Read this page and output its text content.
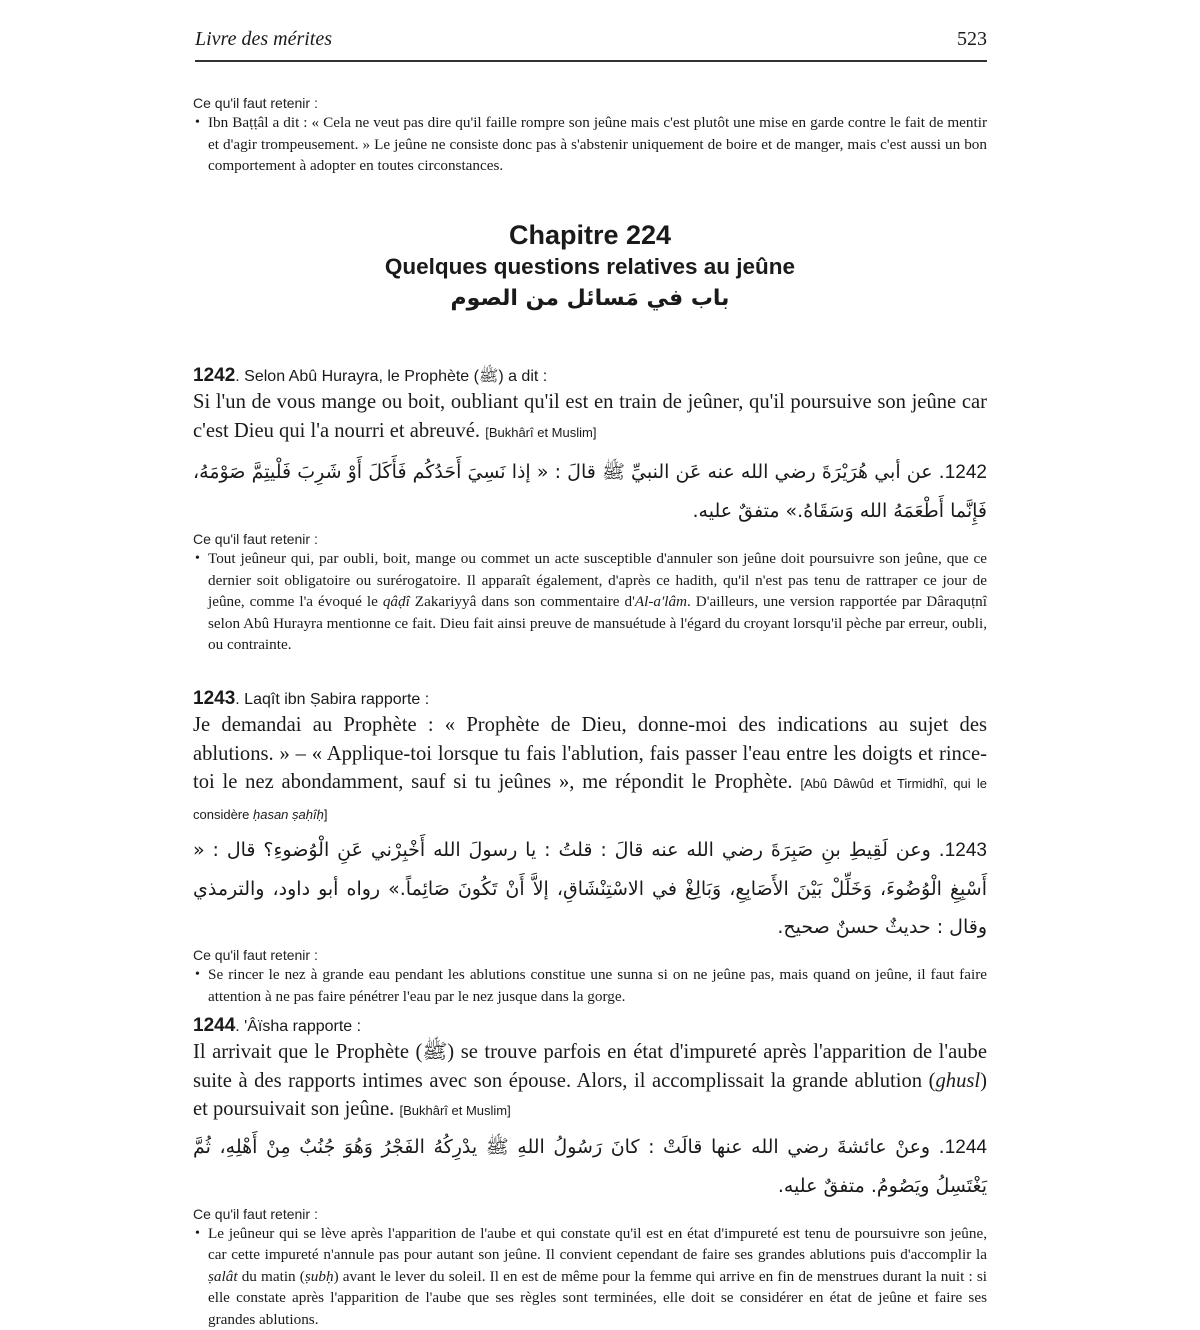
Livre des mérites	523
Ce qu'il faut retenir :
• Ibn Baṭṭâl a dit : « Cela ne veut pas dire qu'il faille rompre son jeûne mais c'est plutôt une mise en garde contre le fait de mentir et d'agir trompeusement. » Le jeûne ne consiste donc pas à s'abstenir uniquement de boire et de manger, mais c'est aussi un bon comportement à adopter en toutes circonstances.
Chapitre 224
Quelques questions relatives au jeûne
باب في مَسائل من الصوم
1242. Selon Abû Hurayra, le Prophète (ﷺ) a dit :
Si l'un de vous mange ou boit, oubliant qu'il est en train de jeûner, qu'il poursuive son jeûne car c'est Dieu qui l'a nourri et abreuvé. [Bukhârî et Muslim]
1242. عن أبي هُرَيْرَةَ رضي الله عنه عَن النبيِّ ﷺ قالَ : « إذا نَسِيَ أَحَدُكُم فَأَكَلَ أَوْ شَرِبَ فَلْيتِمَّ صَوْمَهُ، فَإِنَّما أَطْعَمَهُ الله وَسَقَاهُ.» متفقٌ عليه.
Ce qu'il faut retenir :
• Tout jeûneur qui, par oubli, boit, mange ou commet un acte susceptible d'annuler son jeûne doit poursuivre son jeûne, que ce dernier soit obligatoire ou surérogatoire. Il apparaît également, d'après ce hadith, qu'il n'est pas tenu de rattraper ce jour de jeûne, comme l'a évoqué le qâḍî Zakariyyâ dans son commentaire d'Al-a'lâm. D'ailleurs, une version rapportée par Dâraquṭnî selon Abû Hurayra mentionne ce fait. Dieu fait ainsi preuve de mansuétude à l'égard du croyant lorsqu'il pèche par erreur, oubli, ou contrainte.
1243. Laqît ibn Ṣabira rapporte :
Je demandai au Prophète : « Prophète de Dieu, donne-moi des indications au sujet des ablutions. » – « Applique-toi lorsque tu fais l'ablution, fais passer l'eau entre les doigts et rince-toi le nez abondamment, sauf si tu jeûnes », me répondit le Prophète. [Abû Dâwûd et Tirmidhî, qui le considère ḥasan ṣaḥîḥ]
1243. وعن لَقِيطِ بنِ صَبِرَةَ رضي الله عنه قالَ : قلتُ : يا رسولَ الله أَخْبِرْني عَنِ الْوُضوءِ؟ قال : « أَسْبِغِ الْوُضُوءَ، وَخَلِّلْ بَيْنَ الأَصَابِعِ، وَبَالِغْ في الاسْتِنْشَاقِ، إلاَّ أَنْ تَكُونَ صَائِماً.» رواه أبو داود، والترمذي وقال : حديثٌ حسنٌ صحيح.
Ce qu'il faut retenir :
• Se rincer le nez à grande eau pendant les ablutions constitue une sunna si on ne jeûne pas, mais quand on jeûne, il faut faire attention à ne pas faire pénétrer l'eau par le nez jusque dans la gorge.
1244. 'Âïsha rapporte :
Il arrivait que le Prophète (ﷺ) se trouve parfois en état d'impureté après l'apparition de l'aube suite à des rapports intimes avec son épouse. Alors, il accomplissait la grande ablution (ghusl) et poursuivait son jeûne. [Bukhârî et Muslim]
1244. وعنْ عائشةَ رضي الله عنها قالَتْ : كانَ رَسُولُ اللهِ ﷺ يدْرِكُهُ الفَجْرُ وَهُوَ جُنُبٌ مِنْ أَهْلِهِ، ثُمَّ يَغْتَسِلُ ويَصُومُ. متفقٌ عليه.
Ce qu'il faut retenir :
• Le jeûneur qui se lève après l'apparition de l'aube et qui constate qu'il est en état d'impureté est tenu de poursuivre son jeûne, car cette impureté n'annule pas pour autant son jeûne. Il convient cependant de faire ses grandes ablutions puis d'accomplir la ṣalât du matin (ṣubḥ) avant le lever du soleil. Il en est de même pour la femme qui arrive en fin de menstrues durant la nuit : si elle constate après l'apparition de l'aube que ses règles sont terminées, elle doit se considérer en état de jeûne et faire ses grandes ablutions.
